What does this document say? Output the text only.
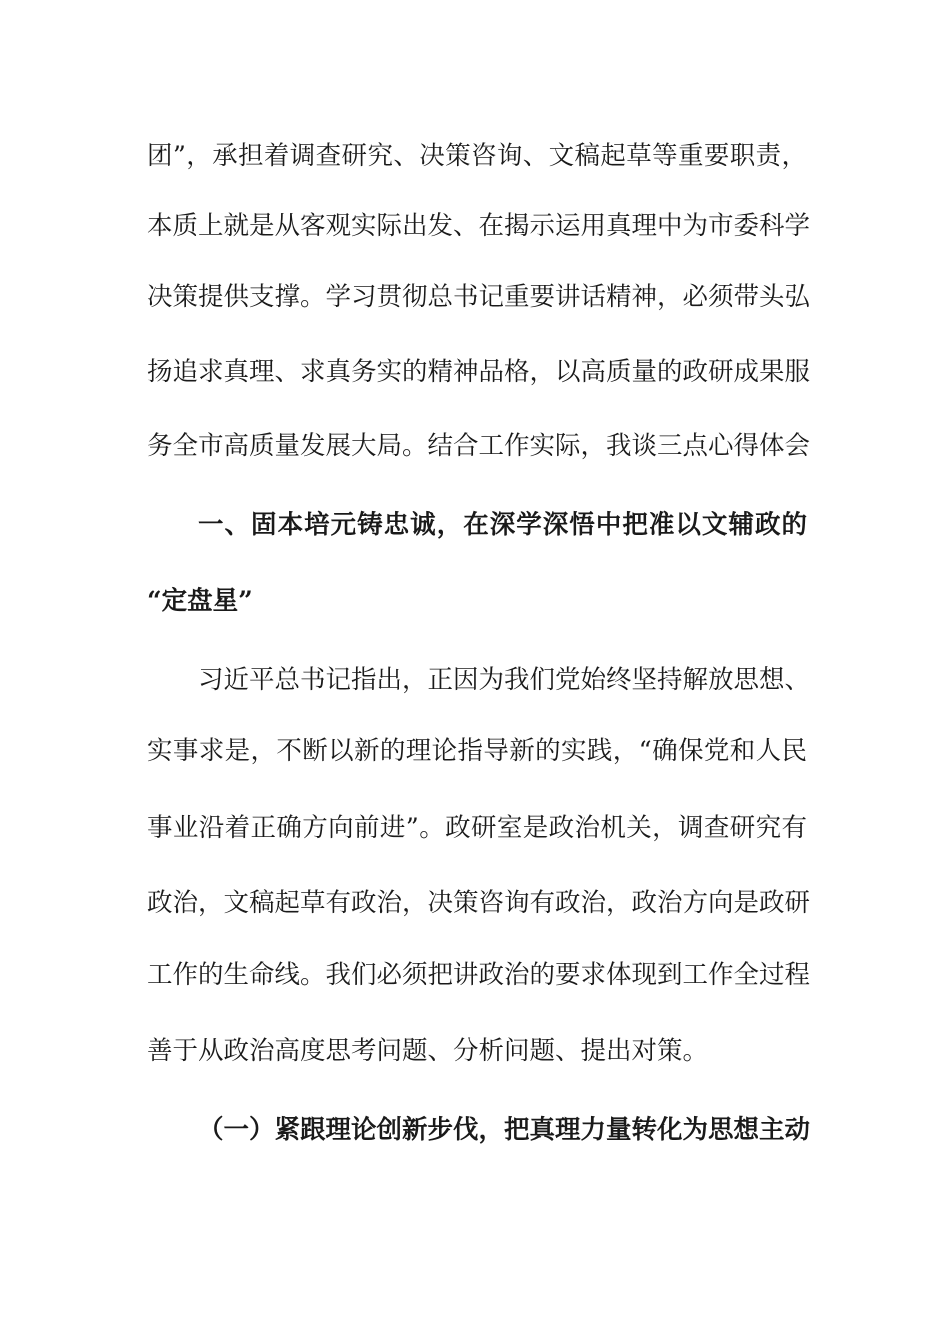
团”，承担着调查研究、决策咨询、文稿起草等重要职责，
本质上就是从客观实际出发、在揭示运用真理中为市委科学
决策提供支撑。学习贯彻总书记重要讲话精神，必须带头弘
扬追求真理、求真务实的精神品格，以高质量的政研成果服
务全市高质量发展大局。结合工作实际，我谈三点心得体会
一、固本培元铸忠诚，在深学深悟中把准以文辅政的
“定盘星”
习近平总书记指出，正因为我们党始终坚持解放思想、
实事求是，不断以新的理论指导新的实践，“确保党和人民
事业沿着正确方向前进”。政研室是政治机关，调查研究有
政治，文稿起草有政治，决策咨询有政治，政治方向是政研
工作的生命线。我们必须把讲政治的要求体现到工作全过程
善于从政治高度思考问题、分析问题、提出对策。
（一）紧跟理论创新步伐，把真理力量转化为思想主动
